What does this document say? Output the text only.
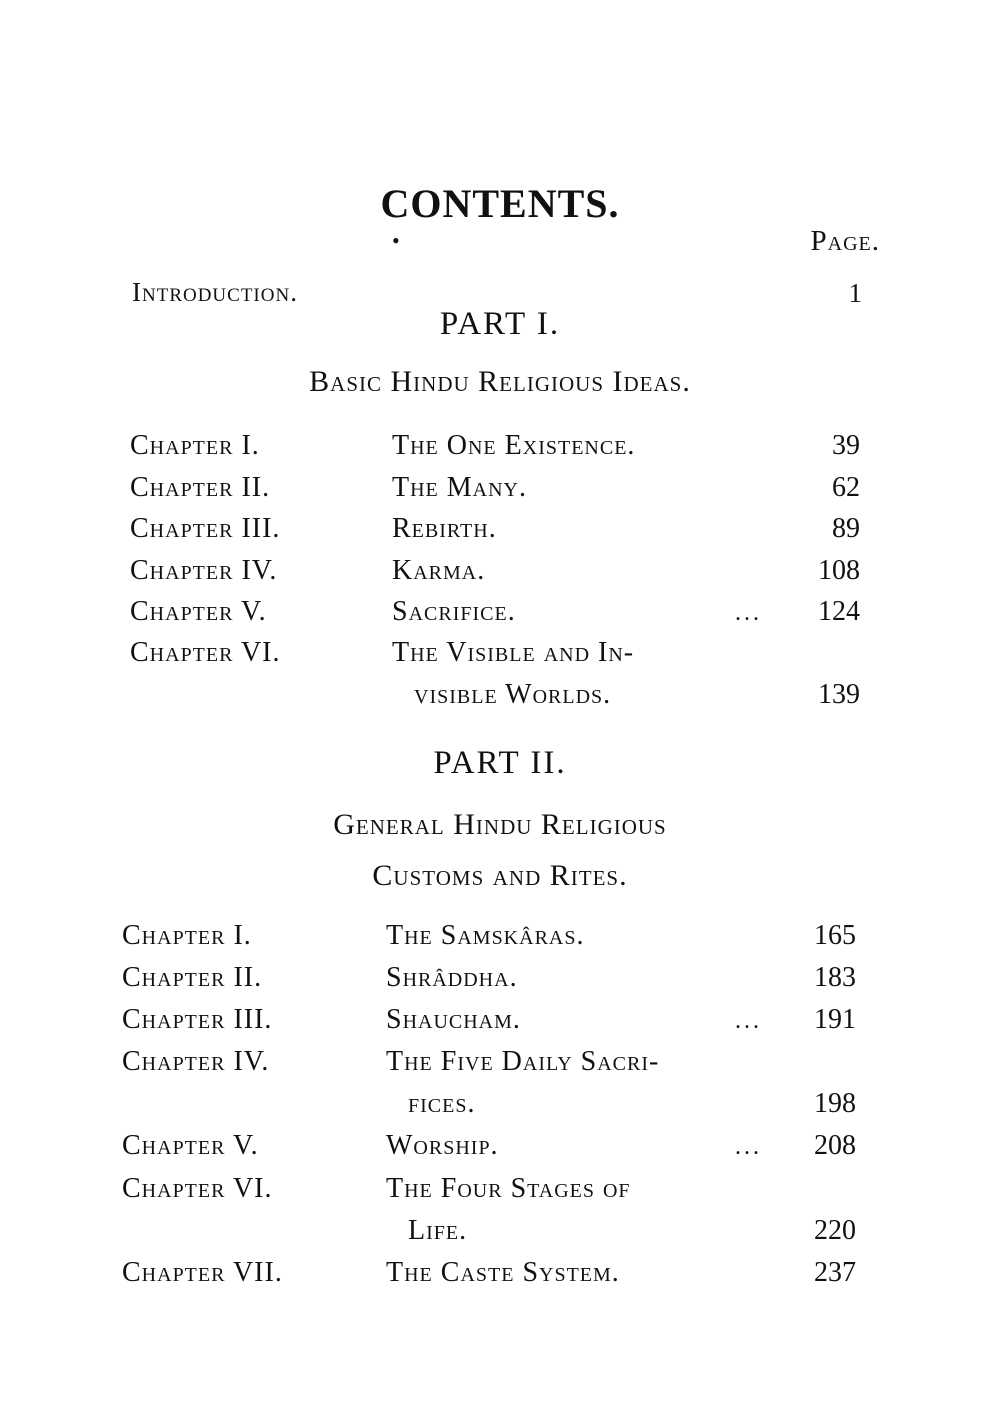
CONTENTS.
•	Page.
Introduction.	1
PART I.
Basic Hindu Religious Ideas.
Chapter I.	The One Existence.	39
Chapter II.	The Many.	62
Chapter III.	Rebirth.	89
Chapter IV.	Karma.	108
Chapter V.	Sacrifice.	...	124
Chapter VI.	The Visible and In-
visible Worlds.	139
PART II.
General Hindu Religious
Customs and Rites.
Chapter I.	The Samskâras.	165
Chapter II.	Shrâddha.	183
Chapter III.	Shaucham.	...	191
Chapter IV.	The Five Daily Sacri-
fices.	198
Chapter V.	Worship.	...	208
Chapter VI.	The Four Stages of
Life.	220
Chapter VII.	The Caste System.	237
